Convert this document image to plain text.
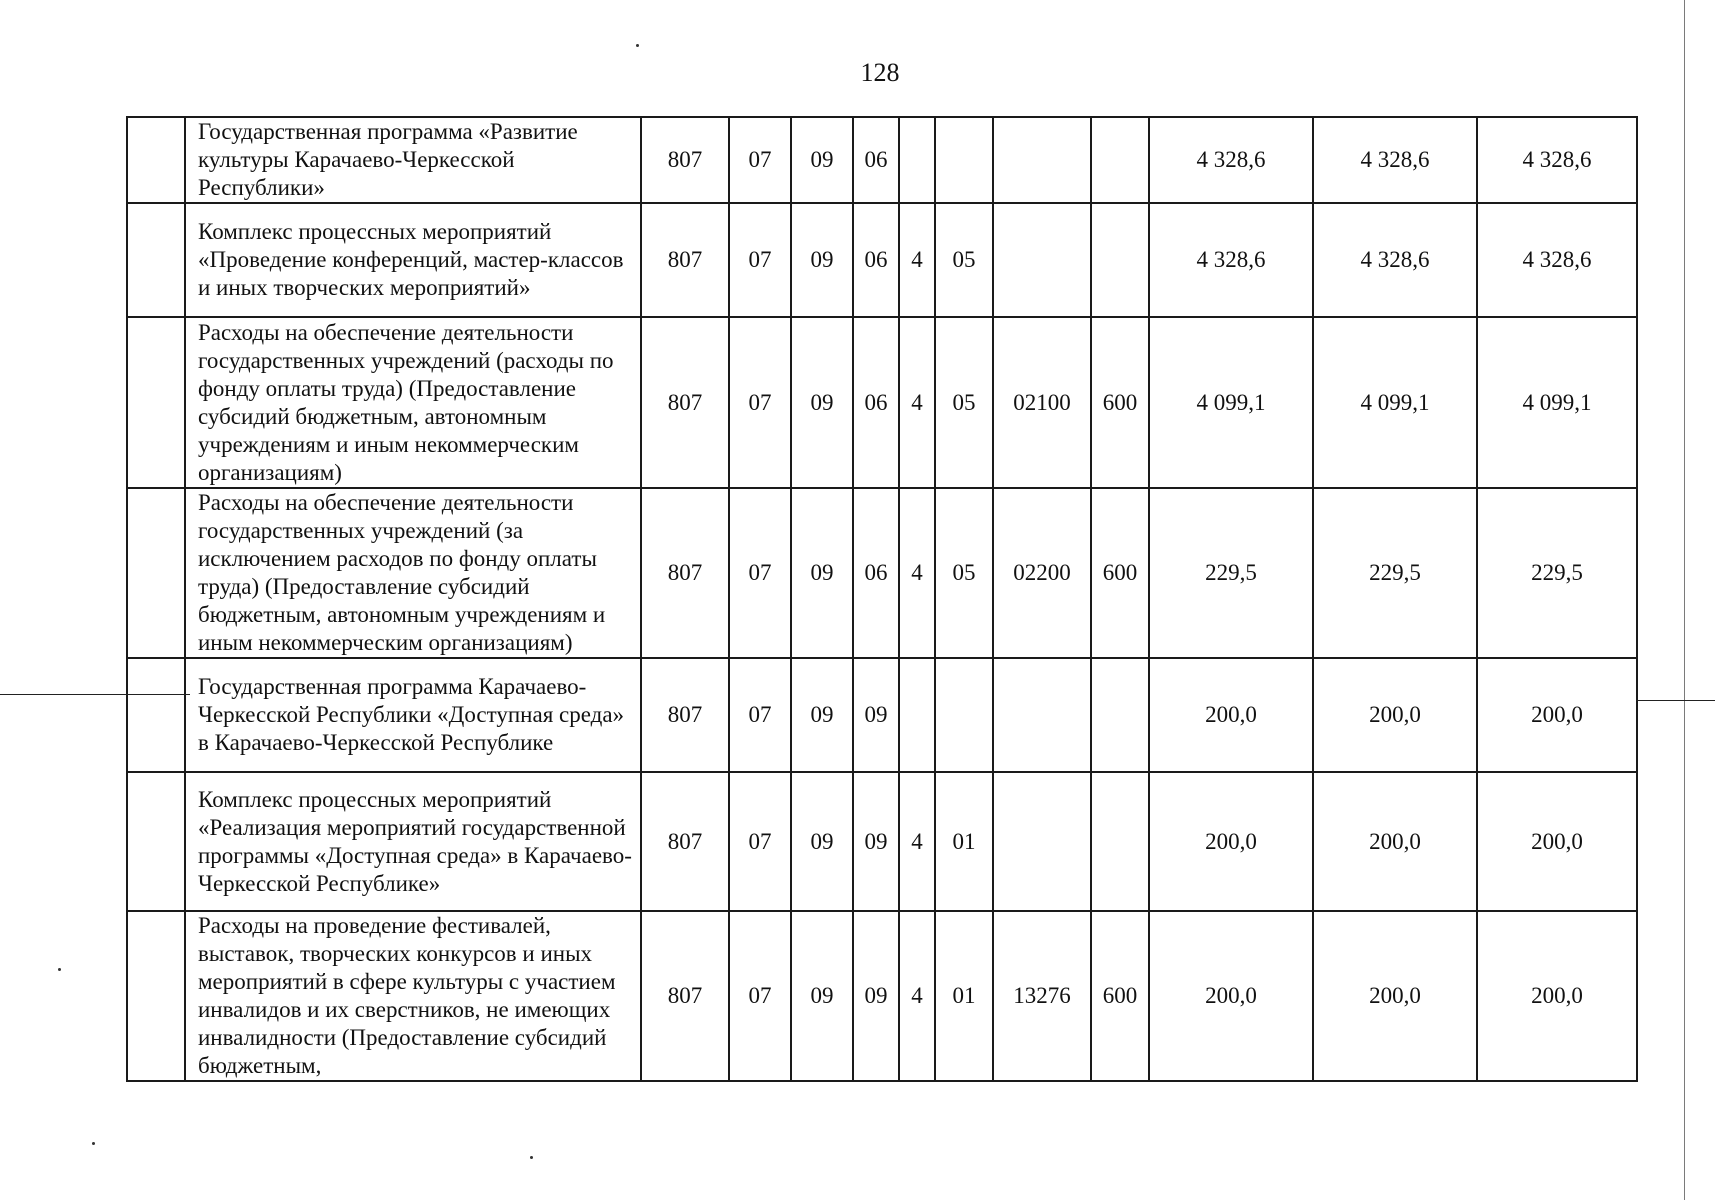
128
	Государственная программа «Развитие культуры Карачаево-Черкесской Республики»	807	07	09	06					4 328,6	4 328,6	4 328,6
	Комплекс процессных мероприятий «Проведение конференций, мастер-классов и иных творческих мероприятий»	807	07	09	06	4	05			4 328,6	4 328,6	4 328,6
	Расходы на обеспечение деятельности государственных учреждений (расходы по фонду оплаты труда) (Предоставление субсидий бюджетным, автономным учреждениям и иным некоммерческим организациям)	807	07	09	06	4	05	02100	600	4 099,1	4 099,1	4 099,1
	Расходы на обеспечение деятельности государственных учреждений (за исключением расходов по фонду оплаты труда) (Предоставление субсидий бюджетным, автономным учреждениям и иным некоммерческим организациям)	807	07	09	06	4	05	02200	600	229,5	229,5	229,5
	Государственная программа Карачаево-Черкесской Республики «Доступная среда» в Карачаево-Черкесской Республике	807	07	09	09					200,0	200,0	200,0
	Комплекс процессных мероприятий «Реализация мероприятий государственной программы «Доступная среда» в Карачаево-Черкесской Республике»	807	07	09	09	4	01			200,0	200,0	200,0
	Расходы на проведение фестивалей, выставок, творческих конкурсов и иных мероприятий в сфере культуры с участием инвалидов и их сверстников, не имеющих инвалидности (Предоставление субсидий бюджетным,	807	07	09	09	4	01	13276	600	200,0	200,0	200,0
